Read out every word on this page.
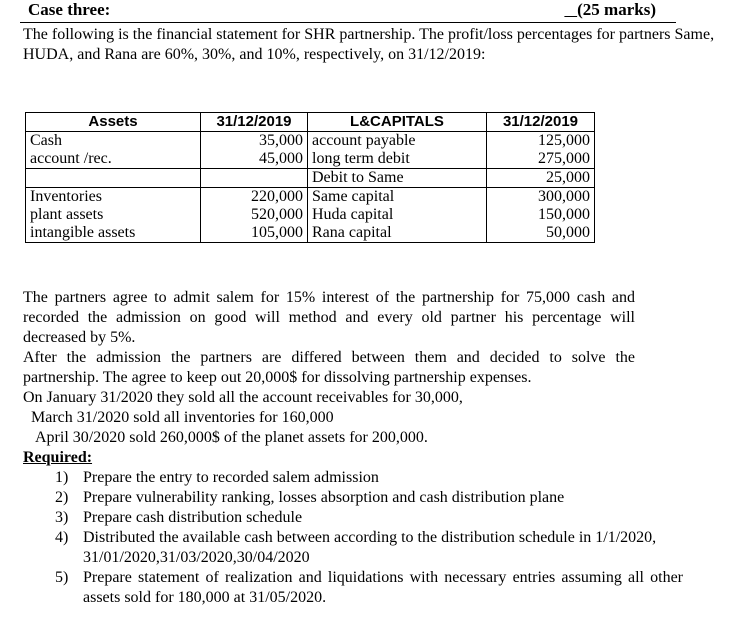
Case three:	(25 marks)
The following is the financial statement for SHR partnership. The profit/loss percentages for partners Same, HUDA, and Rana are 60%, 30%, and 10%, respectively, on 31/12/2019:
Assets	31/12/2019	L&CAPITALS	31/12/2019
Cash	35,000	account payable	125,000
account /rec.	45,000	long term debit	275,000
		Debit to Same	25,000
Inventories	220,000	Same capital	300,000
plant assets	520,000	Huda capital	150,000
intangible assets	105,000	Rana capital	50,000

The partners agree to admit salem for 15% interest of the partnership for 75,000 cash and recorded the admission on good will method and every old partner his percentage will decreased by 5%.

After the admission the partners are differed between them and decided to solve the partnership. The agree to keep out 20,000$ for dissolving partnership expenses.

On January 31/2020 they sold all the account receivables for 30,000,

March 31/2020 sold all inventories for 160,000

April 30/2020 sold 260,000$ of the planet assets for 200,000.

Required:

1) Prepare the entry to recorded salem admission
2) Prepare vulnerability ranking, losses absorption and cash distribution plane
3) Prepare cash distribution schedule
4) Distributed the available cash between according to the distribution schedule in 1/1/2020, 31/01/2020,31/03/2020,30/04/2020
5) Prepare statement of realization and liquidations with necessary entries assuming all other assets sold for 180,000 at 31/05/2020.
